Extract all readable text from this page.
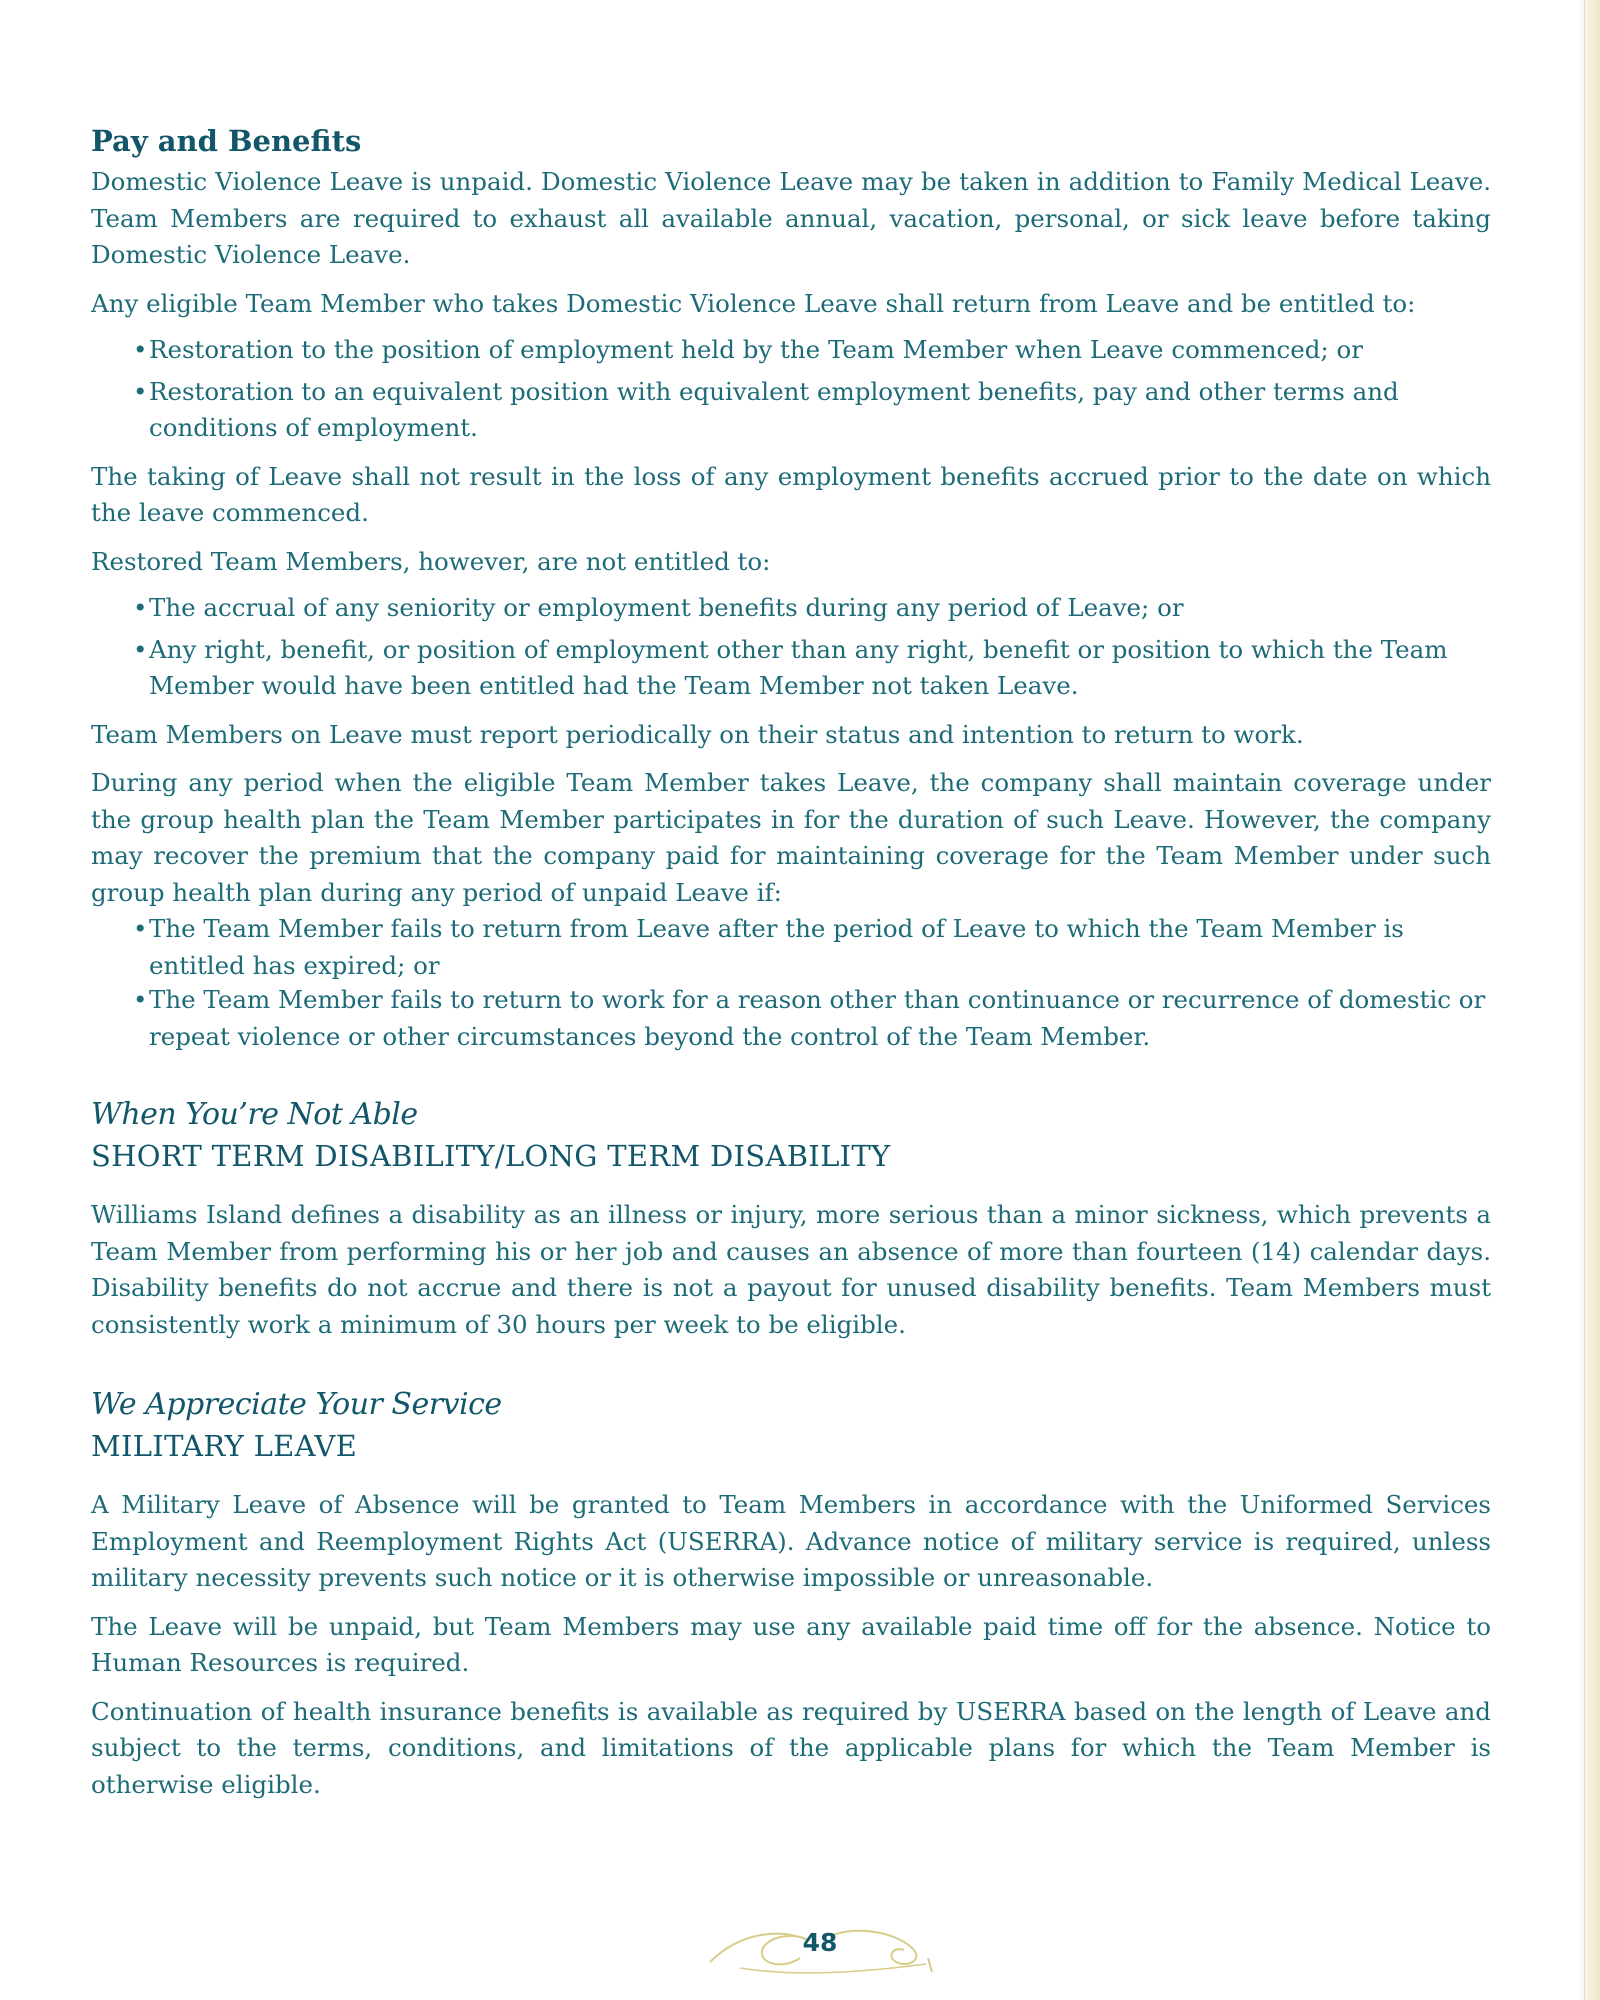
Pay and Benefits

Domestic Violence Leave is unpaid. Domestic Violence Leave may be taken in addition to Family Medical Leave. Team Members are required to exhaust all available annual, vacation, personal, or sick leave before taking Domestic Violence Leave.

Any eligible Team Member who takes Domestic Violence Leave shall return from Leave and be entitled to:

• Restoration to the position of employment held by the Team Member when Leave commenced; or
• Restoration to an equivalent position with equivalent employment benefits, pay and other terms and conditions of employment.

The taking of Leave shall not result in the loss of any employment benefits accrued prior to the date on which the leave commenced.

Restored Team Members, however, are not entitled to:

• The accrual of any seniority or employment benefits during any period of Leave; or
• Any right, benefit, or position of employment other than any right, benefit or position to which the Team Member would have been entitled had the Team Member not taken Leave.

Team Members on Leave must report periodically on their status and intention to return to work.

During any period when the eligible Team Member takes Leave, the company shall maintain coverage under the group health plan the Team Member participates in for the duration of such Leave. However, the company may recover the premium that the company paid for maintaining coverage for the Team Member under such group health plan during any period of unpaid Leave if:

• The Team Member fails to return from Leave after the period of Leave to which the Team Member is entitled has expired; or
• The Team Member fails to return to work for a reason other than continuance or recurrence of domestic or repeat violence or other circumstances beyond the control of the Team Member.
When You’re Not Able
SHORT TERM DISABILITY/LONG TERM DISABILITY

Williams Island defines a disability as an illness or injury, more serious than a minor sickness, which prevents a Team Member from performing his or her job and causes an absence of more than fourteen (14) calendar days. Disability benefits do not accrue and there is not a payout for unused disability benefits. Team Members must consistently work a minimum of 30 hours per week to be eligible.

We Appreciate Your Service
MILITARY LEAVE

A Military Leave of Absence will be granted to Team Members in accordance with the Uniformed Services Employment and Reemployment Rights Act (USERRA). Advance notice of military service is required, unless military necessity prevents such notice or it is otherwise impossible or unreasonable.

The Leave will be unpaid, but Team Members may use any available paid time off for the absence. Notice to Human Resources is required.

Continuation of health insurance benefits is available as required by USERRA based on the length of Leave and subject to the terms, conditions, and limitations of the applicable plans for which the Team Member is otherwise eligible.

48
